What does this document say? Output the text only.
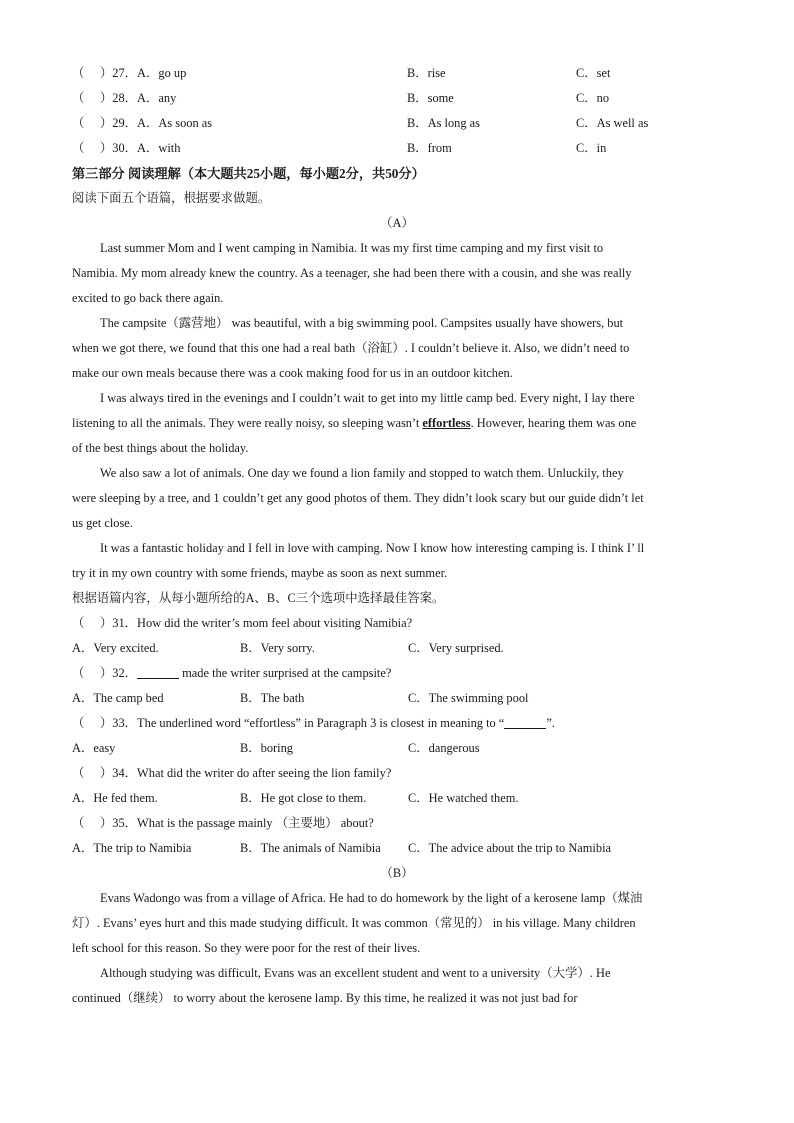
（　 ）27．A．go up	B．rise	C．set
（　 ）28．A．any	B．some	C．no
（　 ）29．A．As soon as	B．As long as	C．As well as
（　 ）30．A．with	B．from	C．in
第三部分 阅读理解（本大题共25小题，每小题2分，共50分）
阅读下面五个语篇，根据要求做题。
（A）
Last summer Mom and I went camping in Namibia. It was my first time camping and my first visit to
Namibia. My mom already knew the country. As a teenager, she had been there with a cousin, and she was really
excited to go back there again.
The campsite（露营地） was beautiful, with a big swimming pool. Campsites usually have showers, but
when we got there, we found that this one had a real bath（浴缸）. I couldn’t believe it. Also, we didn’t need to
make our own meals because there was a cook making food for us in an outdoor kitchen.
I was always tired in the evenings and I couldn’t wait to get into my little camp bed. Every night, I lay there
listening to all the animals. They were really noisy, so sleeping wasn’t effortless. However, hearing them was one
of the best things about the holiday.
We also saw a lot of animals. One day we found a lion family and stopped to watch them. Unluckily, they
were sleeping by a tree, and 1 couldn’t get any good photos of them. They didn’t look scary but our guide didn’t let
us get close.
It was a fantastic holiday and I fell in love with camping. Now I know how interesting camping is. I think I’ ll
try it in my own country with some friends, maybe as soon as next summer.
根据语篇内容，从每小题所给的A、B、C三个选项中选择最佳答案。
（　 ）31．How did the writer’s mom feel about visiting Namibia?
A．Very excited.	B．Very sorry.	C．Very surprised.
（　 ）32．	made the writer surprised at the campsite?
A．The camp bed	B．The bath	C．The swimming pool
（　 ）33．The underlined word “effortless” in Paragraph 3 is closest in meaning to “	”.
A．easy	B．boring	C．dangerous
（　 ）34．What did the writer do after seeing the lion family?
A．He fed them.	B．He got close to them.	C．He watched them.
（　 ）35．What is the passage mainly （主要地） about?
A．The trip to Namibia	B．The animals of Namibia C．The advice about the trip to Namibia
（B）
Evans Wadongo was from a village of Africa. He had to do homework by the light of a kerosene lamp（煤油
灯）. Evans’ eyes hurt and this made studying difficult. It was common（常见的） in his village. Many children
left school for this reason. So they were poor for the rest of their lives.
Although studying was difficult, Evans was an excellent student and went to a university（大学）. He
continued（继续） to worry about the kerosene lamp. By this time, he realized it was not just bad for
